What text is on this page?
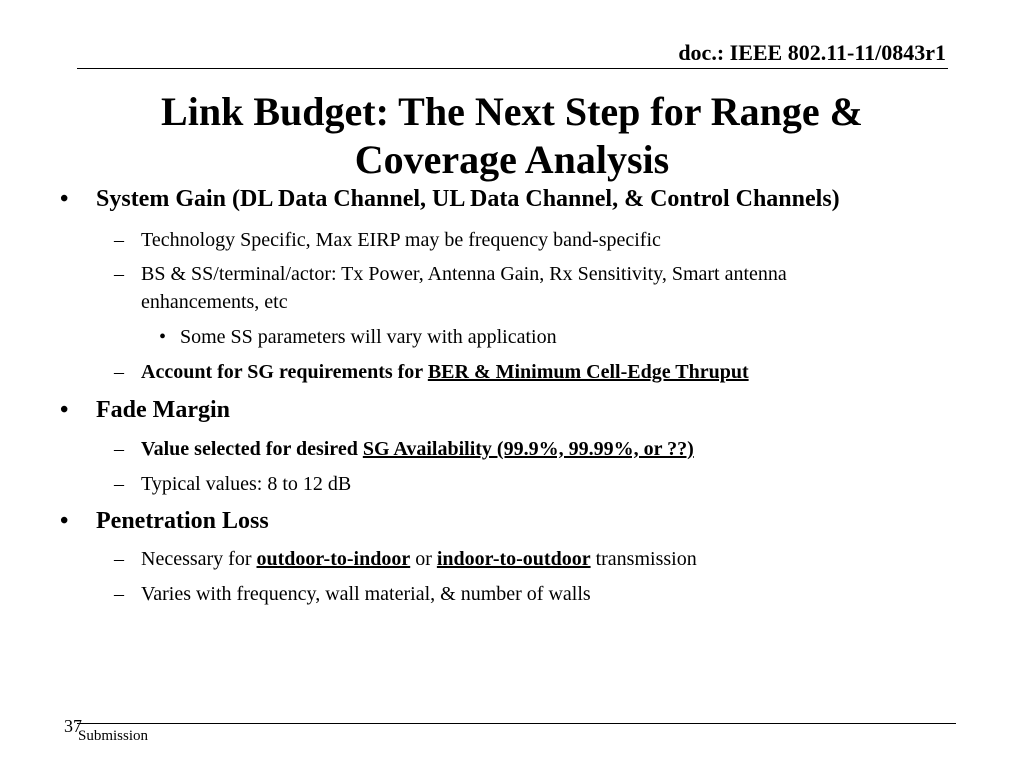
doc.: IEEE 802.11-11/0843r1
Link Budget: The Next Step for Range &
Coverage Analysis
• System Gain (DL Data Channel, UL Data Channel, & Control Channels)
– Technology Specific, Max EIRP may be frequency band-specific
– BS & SS/terminal/actor: Tx Power, Antenna Gain, Rx Sensitivity, Smart antenna
enhancements, etc
• Some SS parameters will vary with application
– Account for SG requirements for BER & Minimum Cell-Edge Thruput
• Fade Margin
– Value selected for desired SG Availability (99.9%, 99.99%, or ??)
– Typical values: 8 to 12 dB
• Penetration Loss
– Necessary for outdoor-to-indoor or indoor-to-outdoor transmission
– Varies with frequency, wall material, & number of walls
37
Submission
